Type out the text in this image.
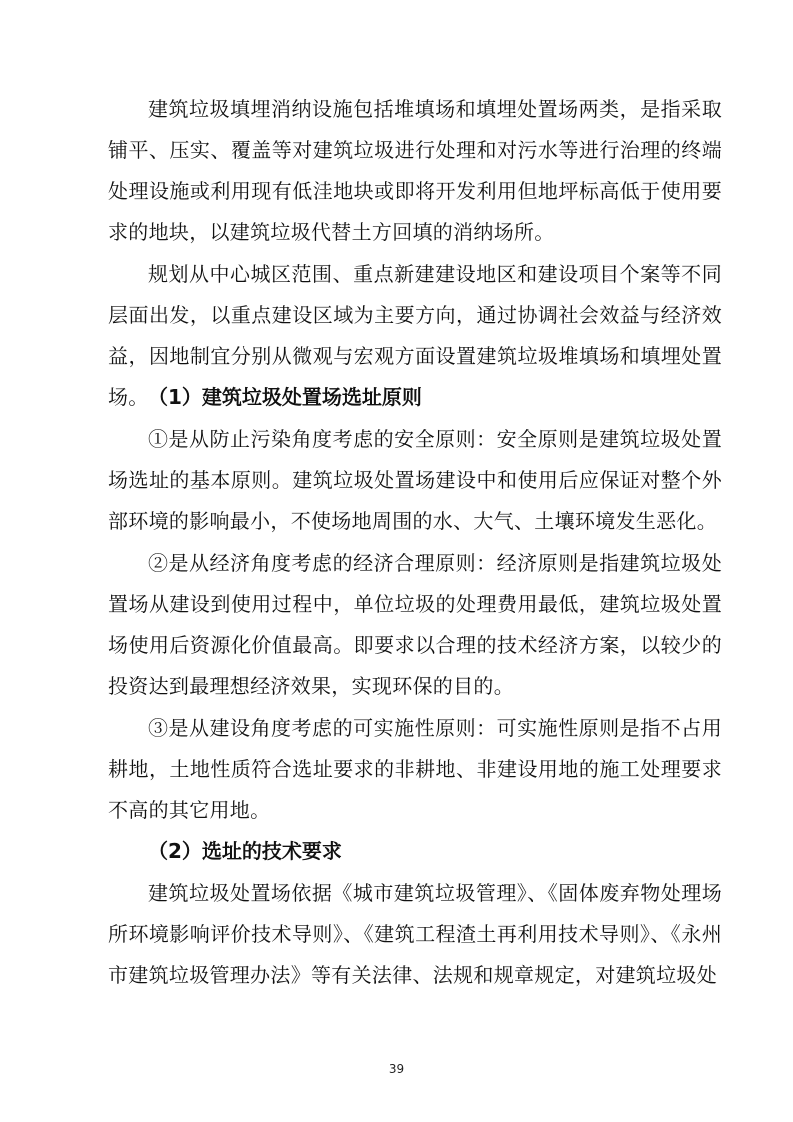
建筑垃圾填埋消纳设施包括堆填场和填埋处置场两类，是指采取铺平、压实、覆盖等对建筑垃圾进行处理和对污水等进行治理的终端处理设施或利用现有低洼地块或即将开发利用但地坪标高低于使用要求的地块，以建筑垃圾代替土方回填的消纳场所。

规划从中心城区范围、重点新建建设地区和建设项目个案等不同层面出发，以重点建设区域为主要方向，通过协调社会效益与经济效益，因地制宜分别从微观与宏观方面设置建筑垃圾堆填场和填埋处置场。 （1）建筑垃圾处置场选址原则

①是从防止污染角度考虑的安全原则：安全原则是建筑垃圾处置场选址的基本原则。建筑垃圾处置场建设中和使用后应保证对整个外部环境的影响最小，不使场地周围的水、大气、土壤环境发生恶化。

②是从经济角度考虑的经济合理原则：经济原则是指建筑垃圾处置场从建设到使用过程中，单位垃圾的处理费用最低，建筑垃圾处置场使用后资源化价值最高。即要求以合理的技术经济方案，以较少的投资达到最理想经济效果，实现环保的目的。

③是从建设角度考虑的可实施性原则：可实施性原则是指不占用耕地，土地性质符合选址要求的非耕地、非建设用地的施工处理要求不高的其它用地。

（2）选址的技术要求

建筑垃圾处置场依据《城市建筑垃圾管理》、《固体废弃物处理场所环境影响评价技术导则》、《建筑工程渣土再利用技术导则》、《永州市建筑垃圾管理办法》等有关法律、法规和规章规定，对建筑垃圾处

39
